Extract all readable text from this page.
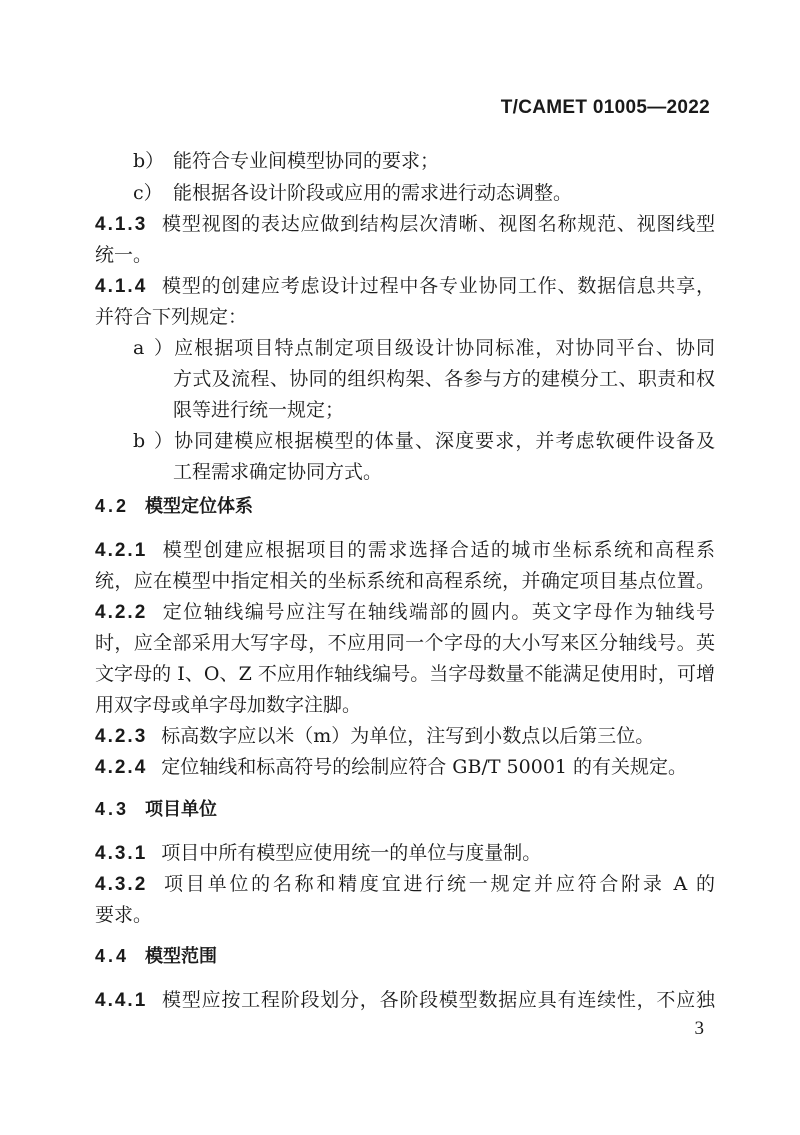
T/CAMET 01005—2022
b） 能符合专业间模型协同的要求；
c） 能根据各设计阶段或应用的需求进行动态调整。
4.1.3 模型视图的表达应做到结构层次清晰、视图名称规范、视图线型
统一。
4.1.4 模型的创建应考虑设计过程中各专业协同工作、数据信息共享，
并符合下列规定：
a）应根据项目特点制定项目级设计协同标准，对协同平台、协同
方式及流程、协同的组织构架、各参与方的建模分工、职责和权
限等进行统一规定；
b）协同建模应根据模型的体量、深度要求，并考虑软硬件设备及
工程需求确定协同方式。
4.2 模型定位体系
4.2.1 模型创建应根据项目的需求选择合适的城市坐标系统和高程系
统，应在模型中指定相关的坐标系统和高程系统，并确定项目基点位置。
4.2.2 定位轴线编号应注写在轴线端部的圆内。英文字母作为轴线号
时，应全部采用大写字母，不应用同一个字母的大小写来区分轴线号。英
文字母的 I、O、Z 不应用作轴线编号。当字母数量不能满足使用时，可增
用双字母或单字母加数字注脚。
4.2.3 标高数字应以米（m）为单位，注写到小数点以后第三位。
4.2.4 定位轴线和标高符号的绘制应符合 GB/T 50001 的有关规定。
4.3 项目单位
4.3.1 项目中所有模型应使用统一的单位与度量制。
4.3.2 项目单位的名称和精度宜进行统一规定并应符合附录 A 的
要求。
4.4 模型范围
4.4.1 模型应按工程阶段划分，各阶段模型数据应具有连续性，不应独
3
